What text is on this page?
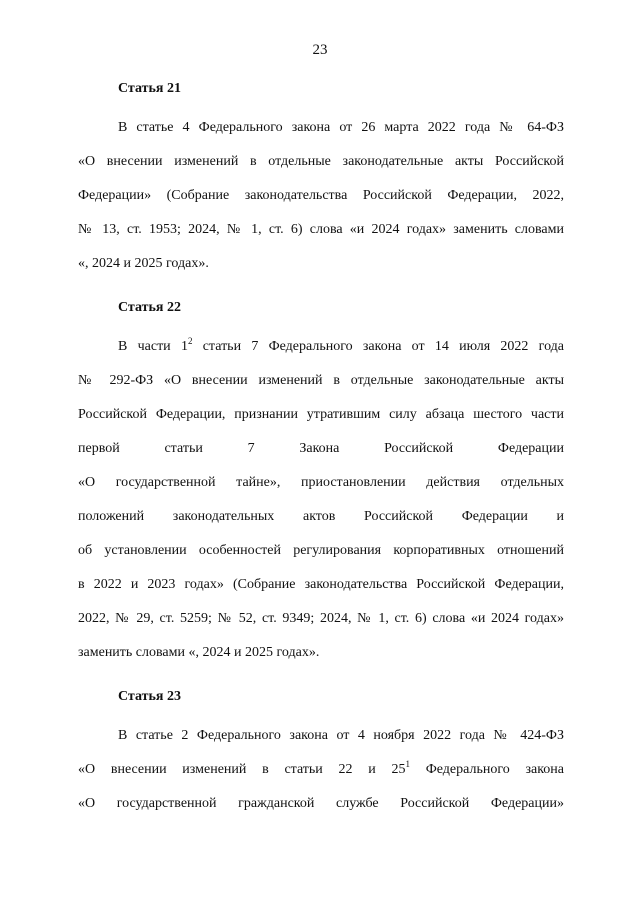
23
Статья 21
В статье 4 Федерального закона от 26 марта 2022 года № 64-ФЗ
«О внесении изменений в отдельные законодательные акты Российской
Федерации» (Собрание законодательства Российской Федерации, 2022,
№ 13, ст. 1953; 2024, № 1, ст. 6) слова «и 2024 годах» заменить словами
«, 2024 и 2025 годах».
Статья 22
В части $1^2$ статьи 7 Федерального закона от 14 июля 2022 года
№ 292-ФЗ «О внесении изменений в отдельные законодательные акты
Российской Федерации, признании утратившим силу абзаца шестого части
первой статьи 7 Закона Российской Федерации
«О государственной тайне», приостановлении действия отдельных
положений законодательных актов Российской Федерации и
об установлении особенностей регулирования корпоративных отношений
в 2022 и 2023 годах» (Собрание законодательства Российской Федерации,
2022, № 29, ст. 5259; № 52, ст. 9349; 2024, № 1, ст. 6) слова «и 2024 годах»
заменить словами «, 2024 и 2025 годах».
Статья 23
В статье 2 Федерального закона от 4 ноября 2022 года № 424-ФЗ
«О внесении изменений в статьи 22 и $25^1$ Федерального закона
«О государственной гражданской службе Российской Федерации»
